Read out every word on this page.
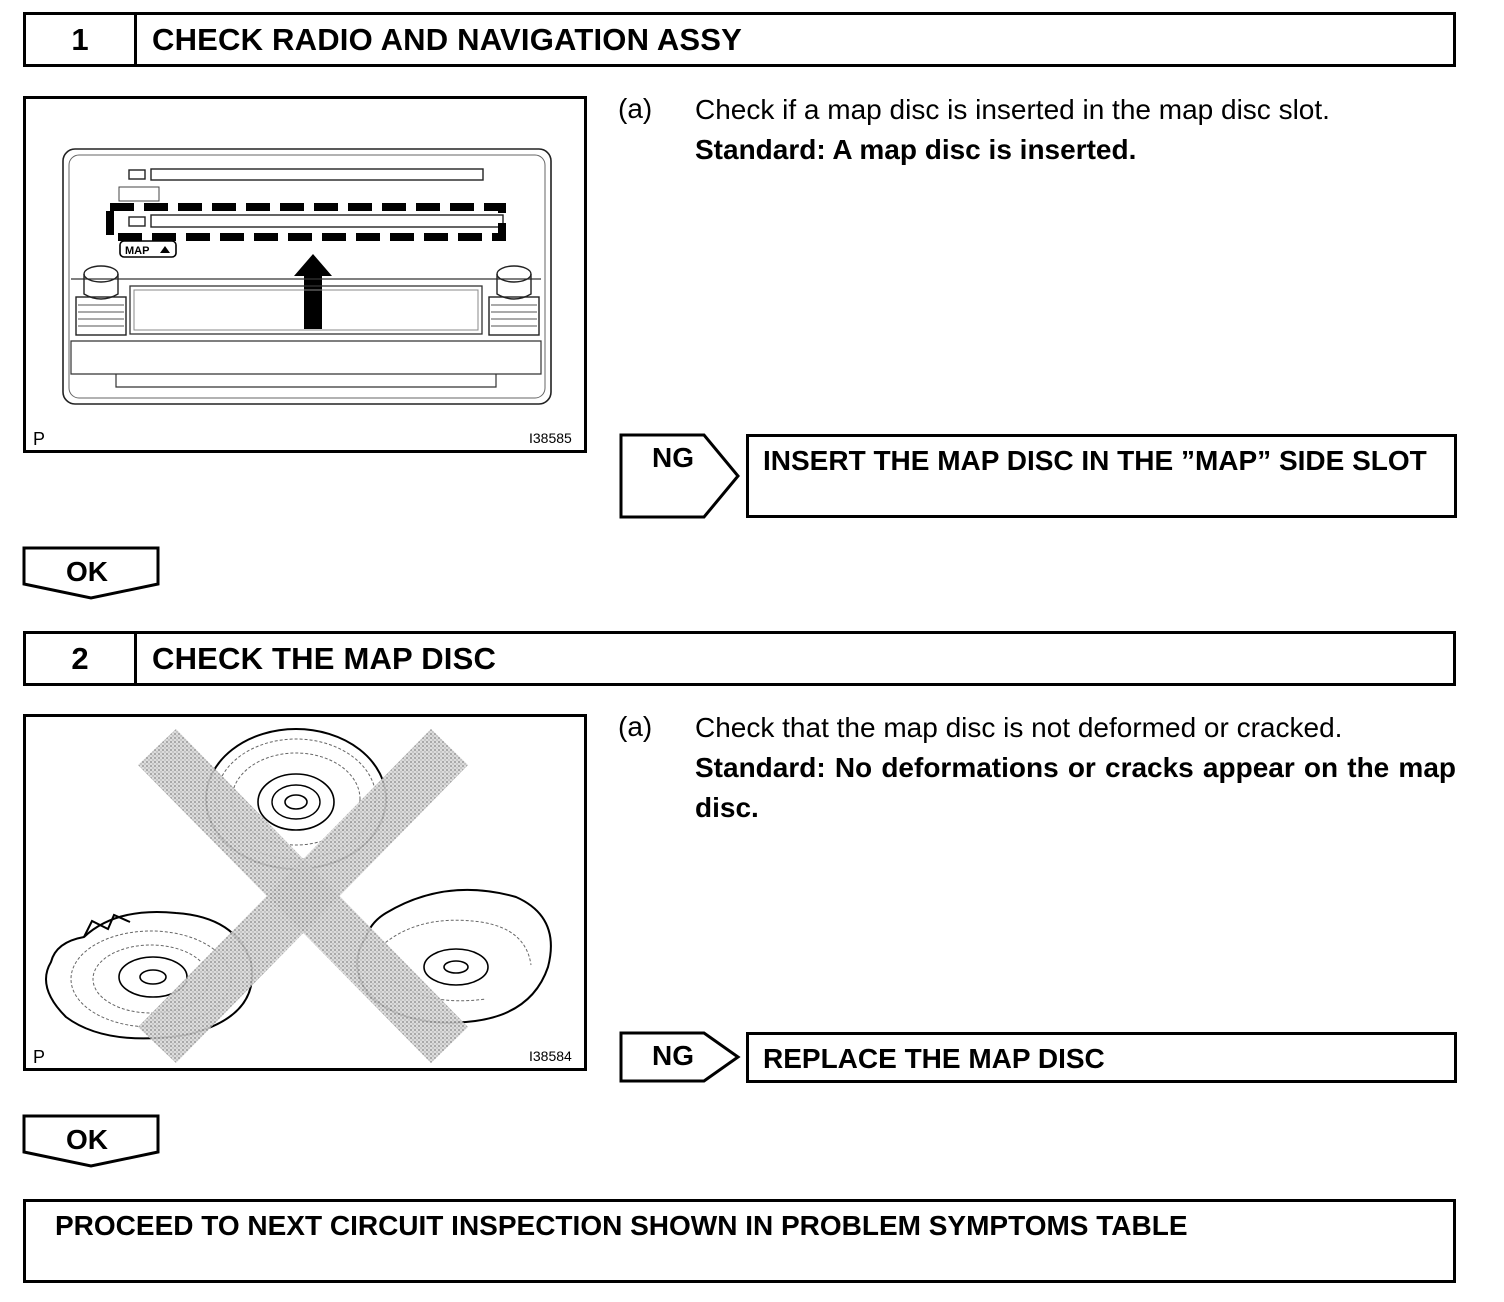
1	CHECK RADIO AND NAVIGATION ASSY
MAP
P	I38585
(a) Check if a map disc is inserted in the map disc slot.
Standard: A map disc is inserted.
NG	INSERT THE MAP DISC IN THE ”MAP” SIDE SLOT
OK
2	CHECK THE MAP DISC
P	I38584
(a) Check that the map disc is not deformed or cracked.
Standard: No deformations or cracks appear on the map disc.
NG	REPLACE THE MAP DISC
OK
PROCEED TO NEXT CIRCUIT INSPECTION SHOWN IN PROBLEM SYMPTOMS TABLE
